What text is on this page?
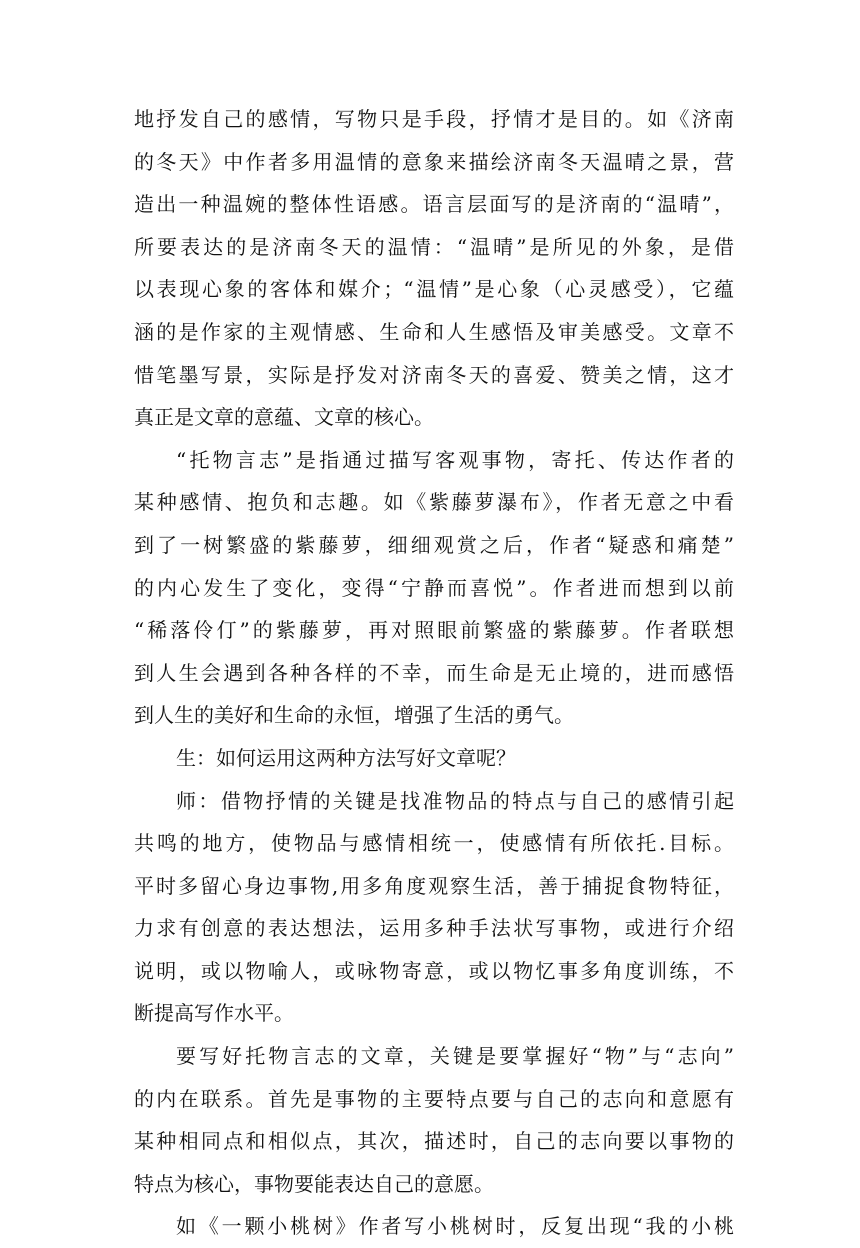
地抒发自己的感情，写物只是手段，抒情才是目的。如《济南
的冬天》中作者多用温情的意象来描绘济南冬天温晴之景，营
造出一种温婉的整体性语感。语言层面写的是济南的“温晴”，
所要表达的是济南冬天的温情：“温晴”是所见的外象，是借
以表现心象的客体和媒介；“温情”是心象（心灵感受），它蕴
涵的是作家的主观情感、生命和人生感悟及审美感受。文章不
惜笔墨写景，实际是抒发对济南冬天的喜爱、赞美之情，这才
真正是文章的意蕴、文章的核心。
“托物言志”是指通过描写客观事物，寄托、传达作者的
某种感情、抱负和志趣。如《紫藤萝瀑布》，作者无意之中看
到了一树繁盛的紫藤萝，细细观赏之后，作者“疑惑和痛楚”
的内心发生了变化，变得“宁静而喜悦”。作者进而想到以前
“稀落伶仃”的紫藤萝，再对照眼前繁盛的紫藤萝。作者联想
到人生会遇到各种各样的不幸，而生命是无止境的，进而感悟
到人生的美好和生命的永恒，增强了生活的勇气。
生：如何运用这两种方法写好文章呢？
师：借物抒情的关键是找准物品的特点与自己的感情引起
共鸣的地方，使物品与感情相统一，使感情有所依托.目标。
平时多留心身边事物,用多角度观察生活，善于捕捉食物特征，
力求有创意的表达想法，运用多种手法状写事物，或进行介绍
说明，或以物喻人，或咏物寄意，或以物忆事多角度训练，不
断提高写作水平。
要写好托物言志的文章，关键是要掌握好“物”与“志向”
的内在联系。首先是事物的主要特点要与自己的志向和意愿有
某种相同点和相似点，其次，描述时，自己的志向要以事物的
特点为核心，事物要能表达自己的意愿。
如《一颗小桃树》作者写小桃树时，反复出现“我的小桃
